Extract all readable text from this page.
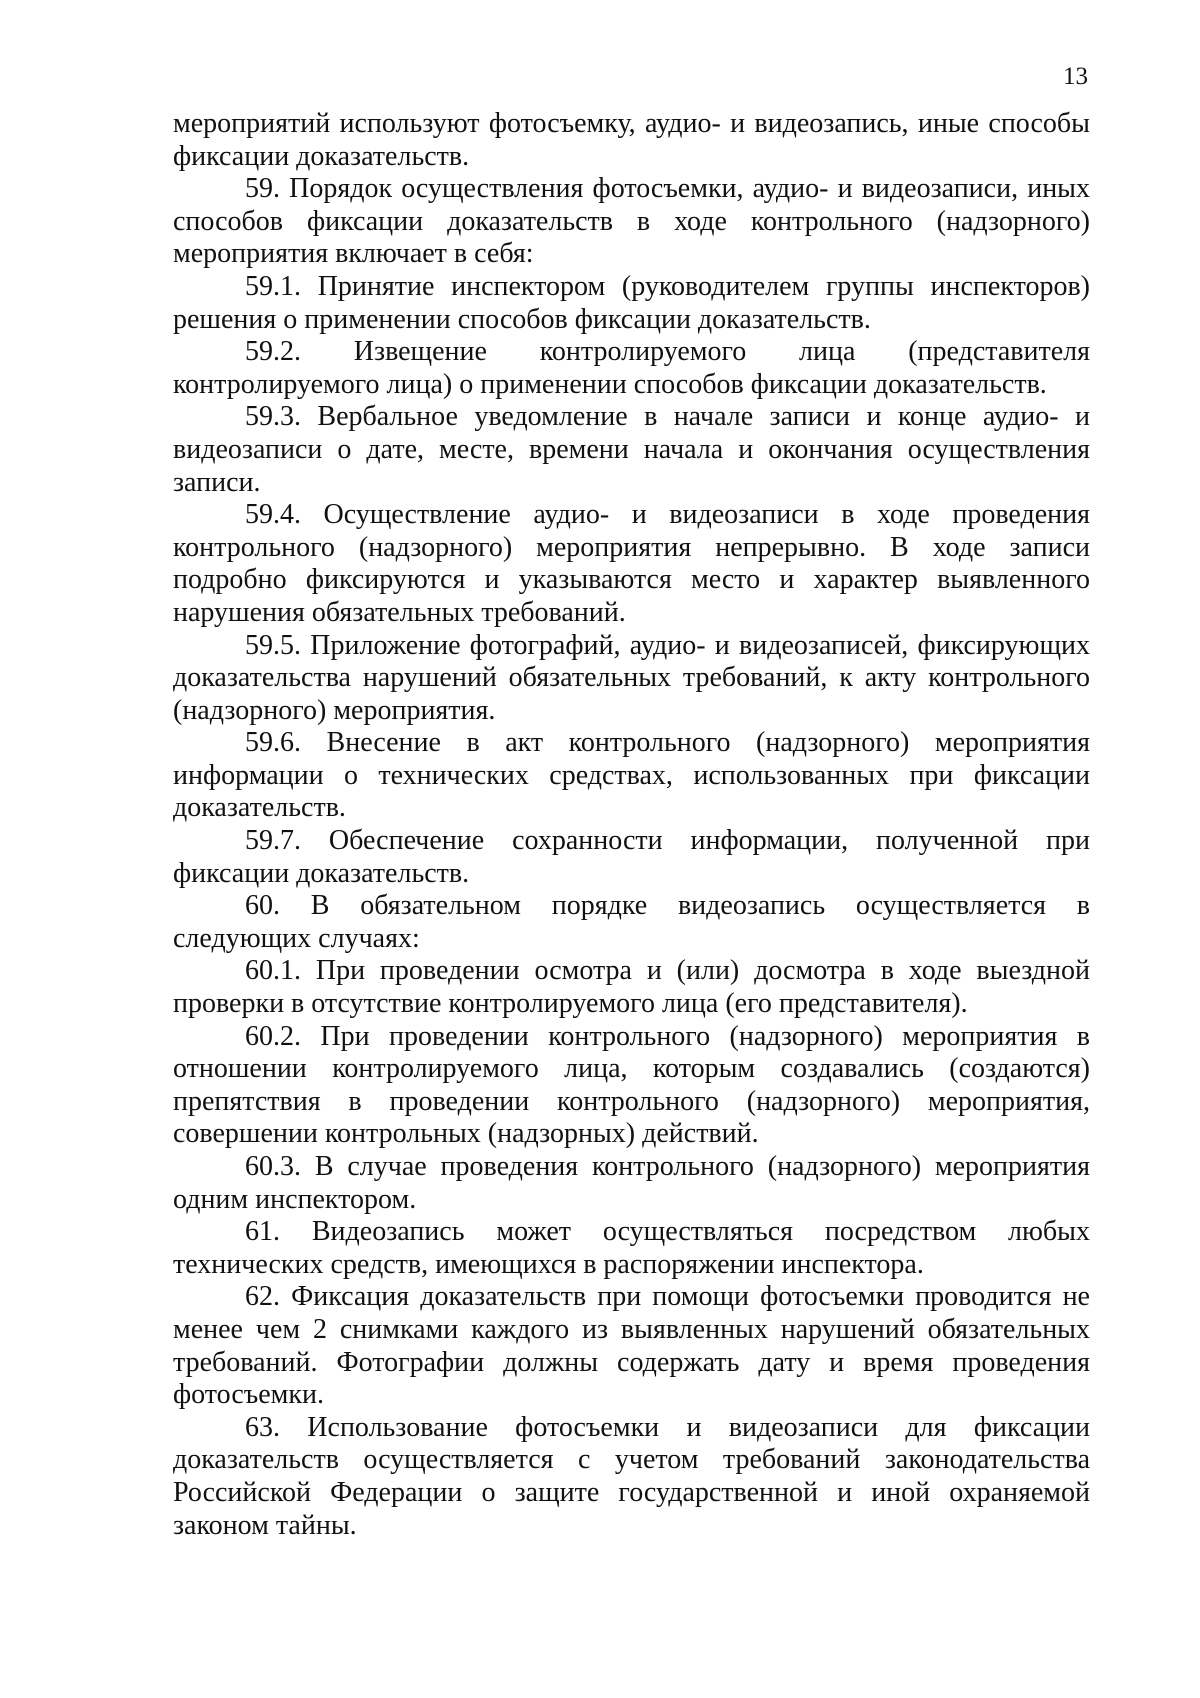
13

мероприятий используют фотосъемку, аудио- и видеозапись, иные способы фиксации доказательств.

59. Порядок осуществления фотосъемки, аудио- и видеозаписи, иных способов фиксации доказательств в ходе контрольного (надзорного) мероприятия включает в себя:

59.1. Принятие инспектором (руководителем группы инспекторов) решения о применении способов фиксации доказательств.

59.2. Извещение контролируемого лица (представителя контролируемого лица) о применении способов фиксации доказательств.

59.3. Вербальное уведомление в начале записи и конце аудио- и видеозаписи о дате, месте, времени начала и окончания осуществления записи.

59.4. Осуществление аудио- и видеозаписи в ходе проведения контрольного (надзорного) мероприятия непрерывно. В ходе записи подробно фиксируются и указываются место и характер выявленного нарушения обязательных требований.

59.5. Приложение фотографий, аудио- и видеозаписей, фиксирующих доказательства нарушений обязательных требований, к акту контрольного (надзорного) мероприятия.

59.6. Внесение в акт контрольного (надзорного) мероприятия информации о технических средствах, использованных при фиксации доказательств.

59.7. Обеспечение сохранности информации, полученной при фиксации доказательств.

60. В обязательном порядке видеозапись осуществляется в следующих случаях:

60.1. При проведении осмотра и (или) досмотра в ходе выездной проверки в отсутствие контролируемого лица (его представителя).

60.2. При проведении контрольного (надзорного) мероприятия в отношении контролируемого лица, которым создавались (создаются) препятствия в проведении контрольного (надзорного) мероприятия, совершении контрольных (надзорных) действий.

60.3. В случае проведения контрольного (надзорного) мероприятия одним инспектором.

61. Видеозапись может осуществляться посредством любых технических средств, имеющихся в распоряжении инспектора.

62. Фиксация доказательств при помощи фотосъемки проводится не менее чем 2 снимками каждого из выявленных нарушений обязательных требований. Фотографии должны содержать дату и время проведения фотосъемки.

63. Использование фотосъемки и видеозаписи для фиксации доказательств осуществляется с учетом требований законодательства Российской Федерации о защите государственной и иной охраняемой законом тайны.
